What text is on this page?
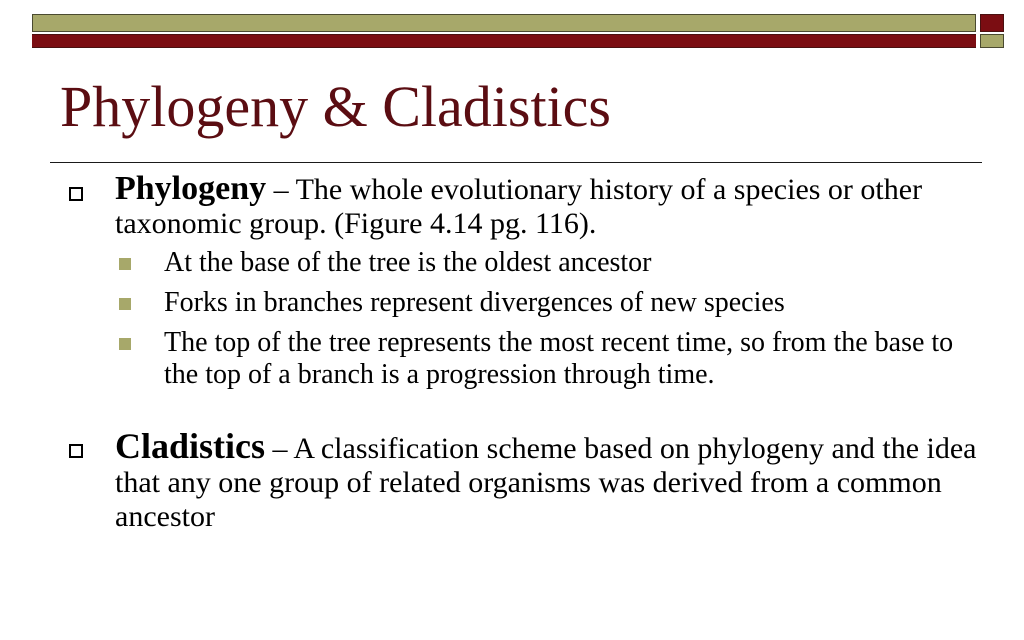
Phylogeny & Cladistics
Phylogeny – The whole evolutionary history of a species or other taxonomic group. (Figure 4.14 pg. 116).
At the base of the tree is the oldest ancestor
Forks in branches represent divergences of new species
The top of the tree represents the most recent time, so from the base to the top of a branch is a progression through time.
Cladistics – A classification scheme based on phylogeny and the idea that any one group of related organisms was derived from a common ancestor
